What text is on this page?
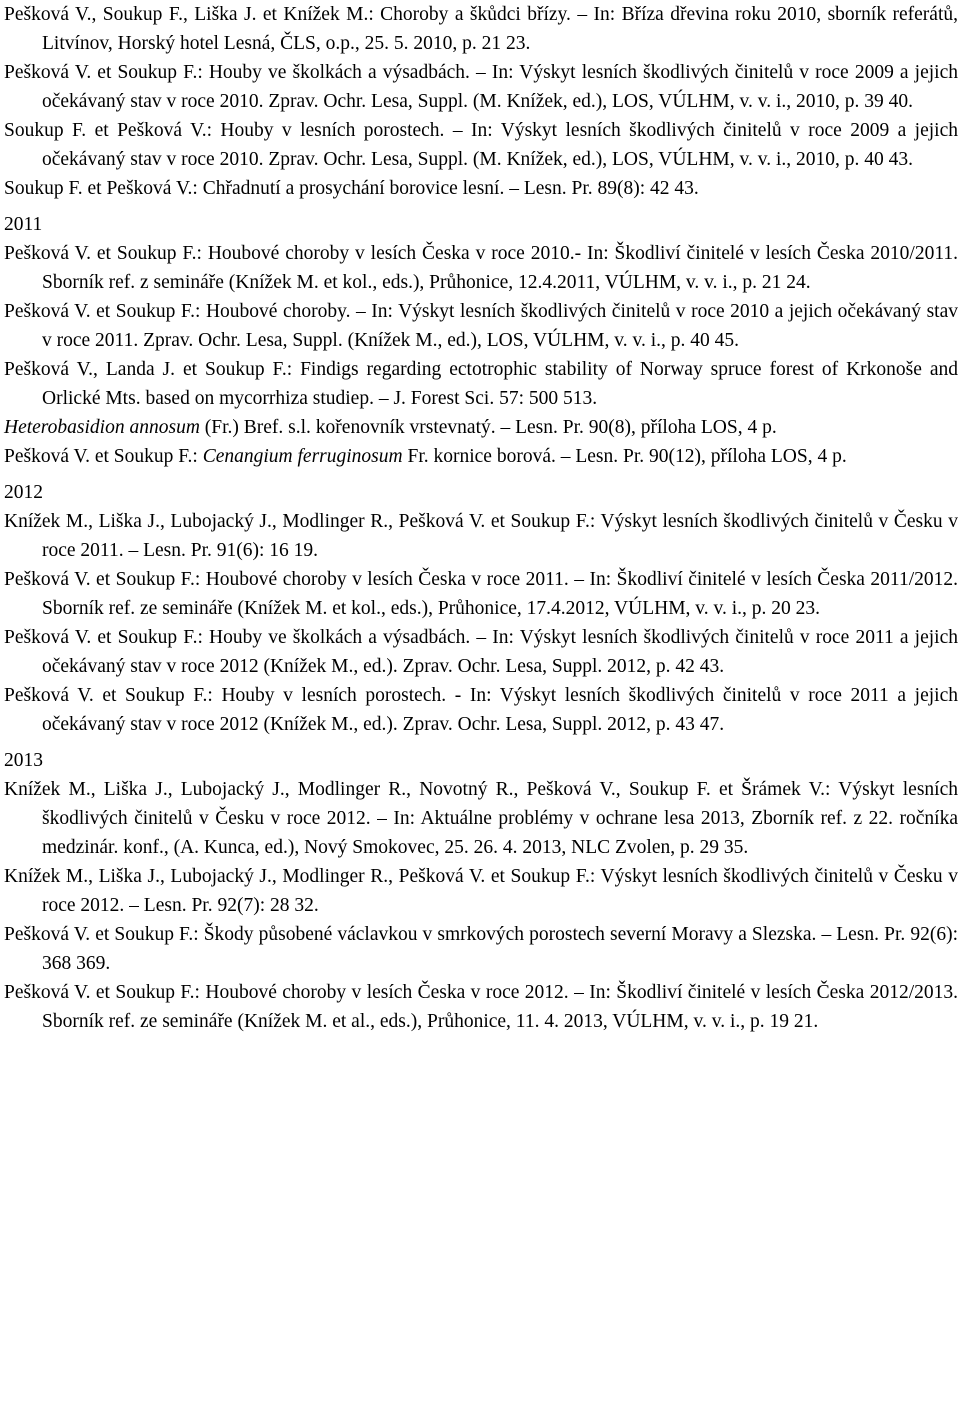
Pešková V., Soukup F., Liška J. et Knížek M.: Choroby a škůdci břízy. – In: Bříza dřevina roku 2010, sborník referátů, Litvínov, Horský hotel Lesná, ČLS, o.p., 25. 5. 2010, p. 21 23.

Pešková V. et Soukup F.: Houby ve školkách a výsadbách. – In: Výskyt lesních škodlivých činitelů v roce 2009 a jejich očekávaný stav v roce 2010. Zprav. Ochr. Lesa, Suppl. (M. Knížek, ed.), LOS, VÚLHM, v. v. i., 2010, p. 39 40.

Soukup F. et Pešková V.: Houby v lesních porostech. – In: Výskyt lesních škodlivých činitelů v roce 2009 a jejich očekávaný stav v roce 2010. Zprav. Ochr. Lesa, Suppl. (M. Knížek, ed.), LOS, VÚLHM, v. v. i., 2010, p. 40 43.

Soukup F. et Pešková V.: Chřadnutí a prosychání borovice lesní. – Lesn. Pr. 89(8): 42 43.

2011

Pešková V. et Soukup F.: Houbové choroby v lesích Česka v roce 2010.- In: Škodliví činitelé v lesích Česka 2010/2011. Sborník ref. z semináře (Knížek M. et kol., eds.), Průhonice, 12.4.2011, VÚLHM, v. v. i., p. 21 24.

Pešková V. et Soukup F.: Houbové choroby. – In: Výskyt lesních škodlivých činitelů v roce 2010 a jejich očekávaný stav v roce 2011. Zprav. Ochr. Lesa, Suppl. (Knížek M., ed.), LOS, VÚLHM, v. v. i., p. 40 45.

Pešková V., Landa J. et Soukup F.: Findigs regarding ectotrophic stability of Norway spruce forest of Krkonoše and Orlické Mts. based on mycorrhiza studiep. – J. Forest Sci. 57: 500 513.

Heterobasidion annosum (Fr.) Bref. s.l. kořenovník vrstevnatý. – Lesn. Pr. 90(8), příloha LOS, 4 p.

Pešková V. et Soukup F.: Cenangium ferruginosum Fr. kornice borová. – Lesn. Pr. 90(12), příloha LOS, 4 p.

2012

Knížek M., Liška J., Lubojacký J., Modlinger R., Pešková V. et Soukup F.: Výskyt lesních škodlivých činitelů v Česku v roce 2011. – Lesn. Pr. 91(6): 16 19.

Pešková V. et Soukup F.: Houbové choroby v lesích Česka v roce 2011. – In: Škodliví činitelé v lesích Česka 2011/2012. Sborník ref. ze semináře (Knížek M. et kol., eds.), Průhonice, 17.4.2012, VÚLHM, v. v. i., p. 20 23.

Pešková V. et Soukup F.: Houby ve školkách a výsadbách. – In: Výskyt lesních škodlivých činitelů v roce 2011 a jejich očekávaný stav v roce 2012 (Knížek M., ed.). Zprav. Ochr. Lesa, Suppl. 2012, p. 42 43.

Pešková V. et Soukup F.: Houby v lesních porostech. - In: Výskyt lesních škodlivých činitelů v roce 2011 a jejich očekávaný stav v roce 2012 (Knížek M., ed.). Zprav. Ochr. Lesa, Suppl. 2012, p. 43 47.

2013

Knížek M., Liška J., Lubojacký J., Modlinger R., Novotný R., Pešková V., Soukup F. et Šrámek V.: Výskyt lesních škodlivých činitelů v Česku v roce 2012. – In: Aktuálne problémy v ochrane lesa 2013, Zborník ref. z 22. ročníka medzinár. konf., (A. Kunca, ed.), Nový Smokovec, 25. 26. 4. 2013, NLC Zvolen, p. 29 35.

Knížek M., Liška J., Lubojacký J., Modlinger R., Pešková V. et Soukup F.: Výskyt lesních škodlivých činitelů v Česku v roce 2012. – Lesn. Pr. 92(7): 28 32.

Pešková V. et Soukup F.: Škody působené václavkou v smrkových porostech severní Moravy a Slezska. – Lesn. Pr. 92(6): 368 369.

Pešková V. et Soukup F.: Houbové choroby v lesích Česka v roce 2012. – In: Škodliví činitelé v lesích Česka 2012/2013. Sborník ref. ze semináře (Knížek M. et al., eds.), Průhonice, 11. 4. 2013, VÚLHM, v. v. i., p. 19 21.
